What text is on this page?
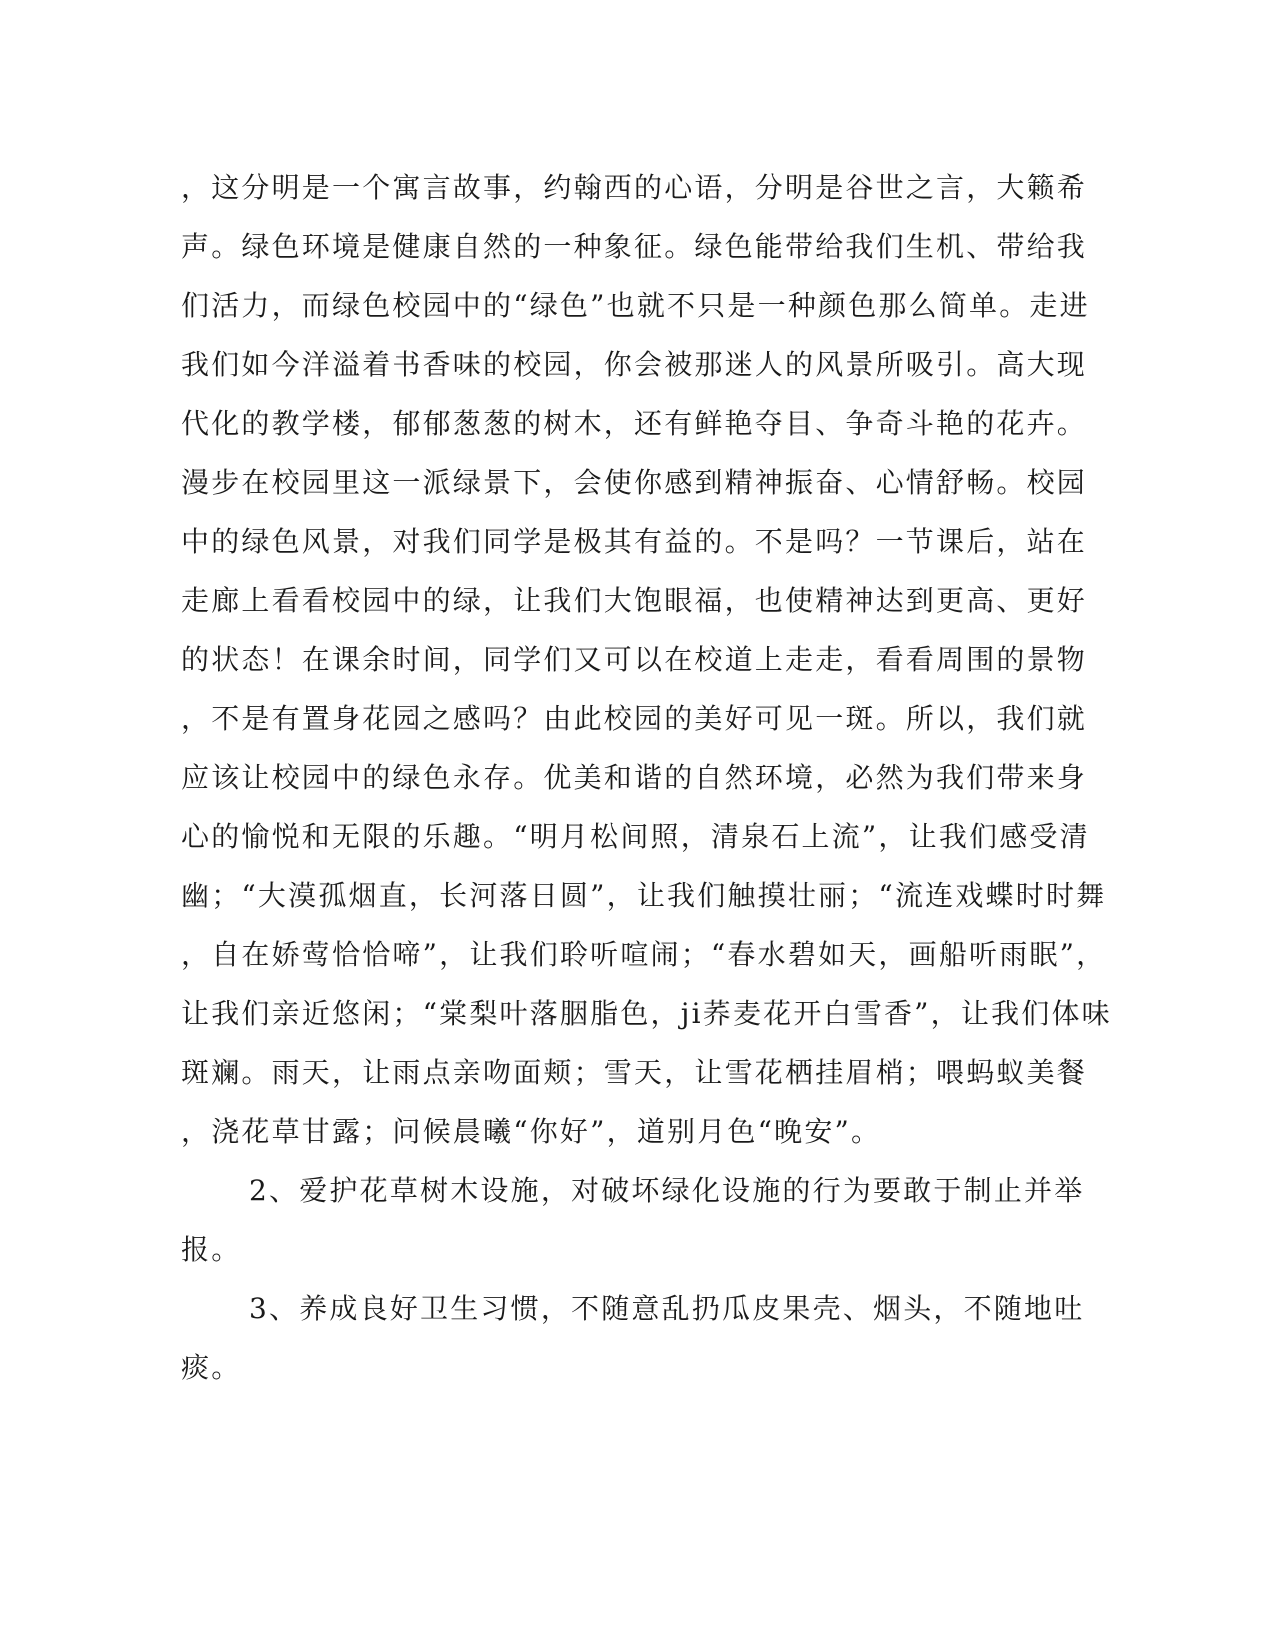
，这分明是一个寓言故事，约翰西的心语，分明是谷世之言，大籁希
声。绿色环境是健康自然的一种象征。绿色能带给我们生机、带给我
们活力，而绿色校园中的“绿色”也就不只是一种颜色那么简单。走进
我们如今洋溢着书香味的校园，你会被那迷人的风景所吸引。高大现
代化的教学楼，郁郁葱葱的树木，还有鲜艳夺目、争奇斗艳的花卉。
漫步在校园里这一派绿景下，会使你感到精神振奋、心情舒畅。校园
中的绿色风景，对我们同学是极其有益的。不是吗？一节课后，站在
走廊上看看校园中的绿，让我们大饱眼福，也使精神达到更高、更好
的状态！在课余时间，同学们又可以在校道上走走，看看周围的景物
，不是有置身花园之感吗？由此校园的美好可见一斑。所以，我们就
应该让校园中的绿色永存。优美和谐的自然环境，必然为我们带来身
心的愉悦和无限的乐趣。“明月松间照，清泉石上流”，让我们感受清
幽；“大漠孤烟直，长河落日圆”，让我们触摸壮丽；“流连戏蝶时时舞
，自在娇莺恰恰啼”，让我们聆听喧闹；“春水碧如天，画船听雨眠”，
让我们亲近悠闲；“棠梨叶落胭脂色，ji荞麦花开白雪香”，让我们体味
斑斓。雨天，让雨点亲吻面颊；雪天，让雪花栖挂眉梢；喂蚂蚁美餐
，浇花草甘露；问候晨曦“你好”，道别月色“晚安”。
2、爱护花草树木设施，对破坏绿化设施的行为要敢于制止并举
报。
3、养成良好卫生习惯，不随意乱扔瓜皮果壳、烟头，不随地吐
痰。
